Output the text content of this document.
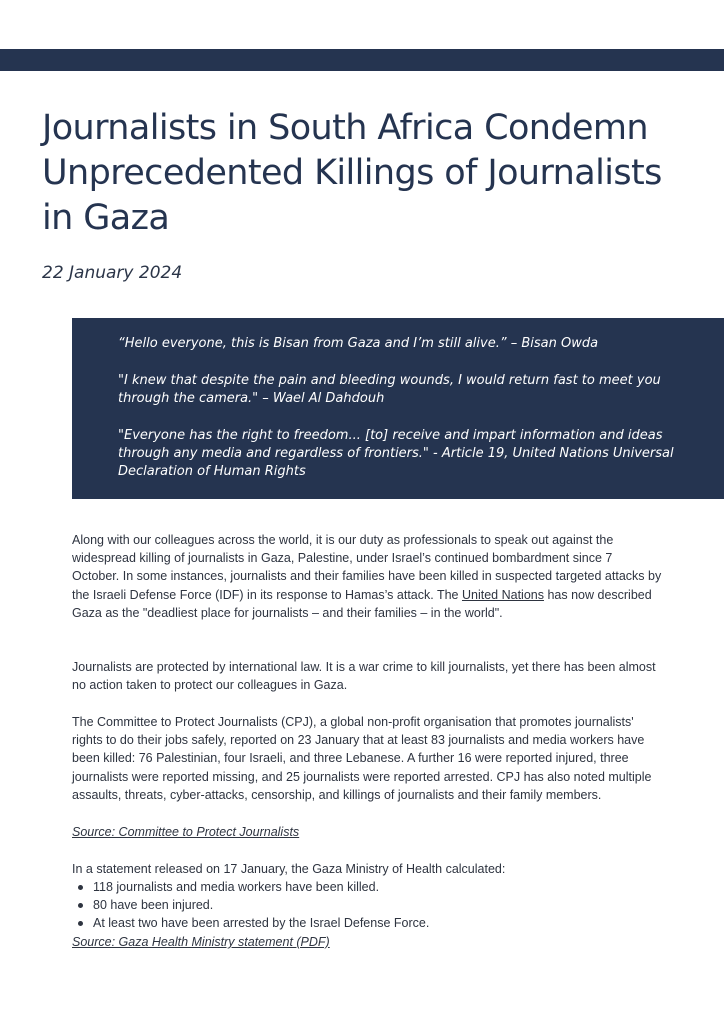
Journalists in South Africa Condemn Unprecedented Killings of Journalists in Gaza
22 January 2024

“Hello everyone, this is Bisan from Gaza and I’m still alive.” – Bisan Owda

"I knew that despite the pain and bleeding wounds, I would return fast to meet you through the camera." – Wael Al Dahdouh

"Everyone has the right to freedom... [to] receive and impart information and ideas through any media and regardless of frontiers." - Article 19, United Nations Universal Declaration of Human Rights

Along with our colleagues across the world, it is our duty as professionals to speak out against the widespread killing of journalists in Gaza, Palestine, under Israel’s continued bombardment since 7 October. In some instances, journalists and their families have been killed in suspected targeted attacks by the Israeli Defense Force (IDF) in its response to Hamas’s attack. The United Nations has now described Gaza as the "deadliest place for journalists – and their families – in the world".

Journalists are protected by international law. It is a war crime to kill journalists, yet there has been almost no action taken to protect our colleagues in Gaza.

The Committee to Protect Journalists (CPJ), a global non-profit organisation that promotes journalists' rights to do their jobs safely, reported on 23 January that at least 83 journalists and media workers have been killed: 76 Palestinian, four Israeli, and three Lebanese. A further 16 were reported injured, three journalists were reported missing, and 25 journalists were reported arrested. CPJ has also noted multiple assaults, threats, cyber-attacks, censorship, and killings of journalists and their family members.

Source: Committee to Protect Journalists

In a statement released on 17 January, the Gaza Ministry of Health calculated:

118 journalists and media workers have been killed.
80 have been injured.
At least two have been arrested by the Israel Defense Force.
Source: Gaza Health Ministry statement (PDF)
